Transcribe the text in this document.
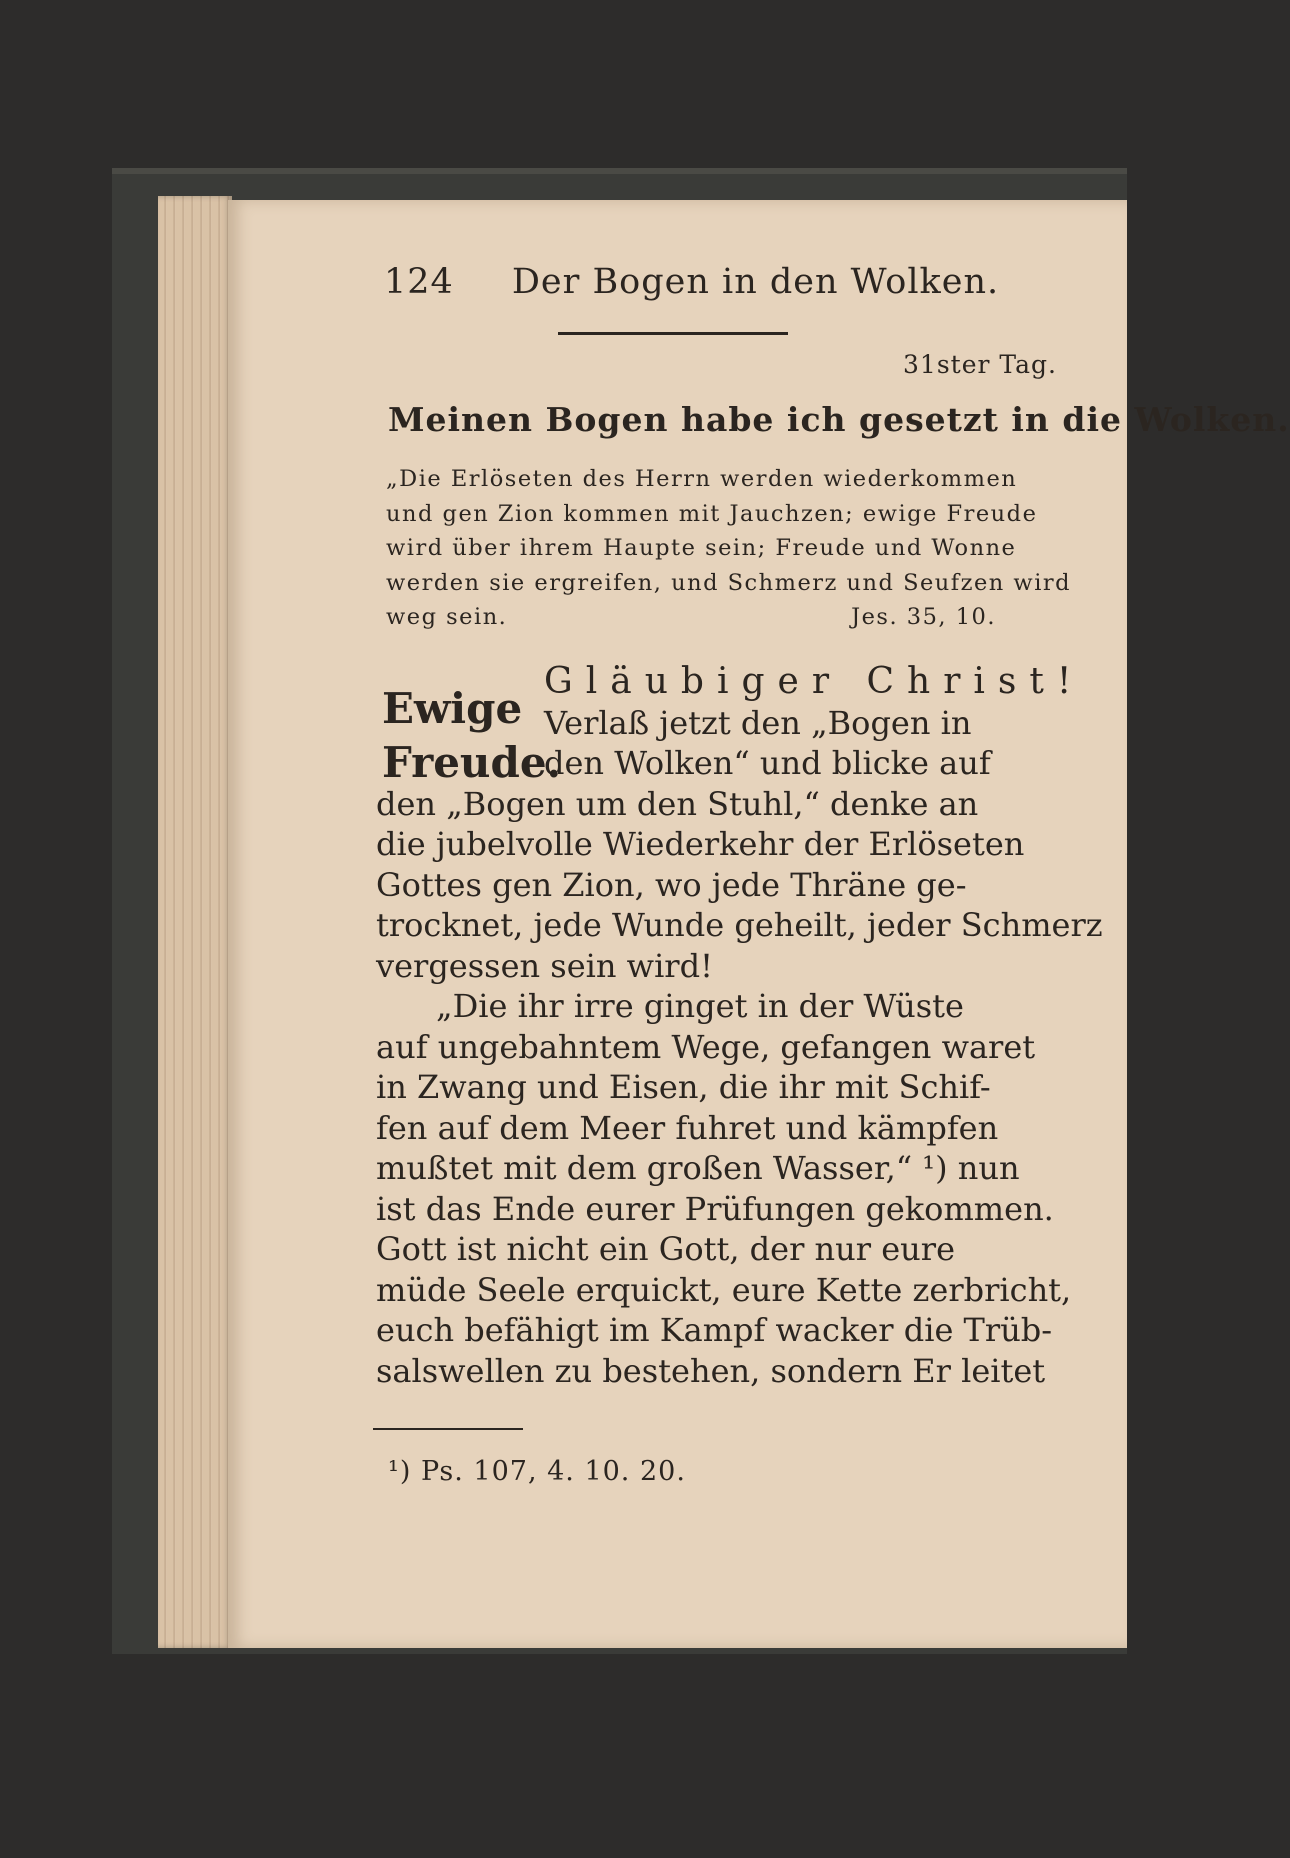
124 Der Bogen in den Wolken.
31ster Tag.
Meinen Bogen habe ich gesetzt in die Wolken.
„Die Erlöseten des Herrn werden wiederkommen
und gen Zion kommen mit Jauchzen; ewige Freude
wird über ihrem Haupte sein; Freude und Wonne
werden sie ergreifen, und Schmerz und Seufzen wird
weg sein.	Jes. 35, 10.
Ewige
Freude.
Gläubiger Christ!
Verlaß jetzt den „Bogen in
den Wolken“ und blicke auf
den „Bogen um den Stuhl,“ denke an
die jubelvolle Wiederkehr der Erlöseten
Gottes gen Zion, wo jede Thräne ge-
trocknet, jede Wunde geheilt, jeder Schmerz
vergessen sein wird!
„Die ihr irre ginget in der Wüste
auf ungebahntem Wege, gefangen waret
in Zwang und Eisen, die ihr mit Schif-
fen auf dem Meer fuhret und kämpfen
mußtet mit dem großen Wasser,“ ¹) nun
ist das Ende eurer Prüfungen gekommen.
Gott ist nicht ein Gott, der nur eure
müde Seele erquickt, eure Kette zerbricht,
euch befähigt im Kampf wacker die Trüb-
salswellen zu bestehen, sondern Er leitet
¹) Ps. 107, 4. 10. 20.
